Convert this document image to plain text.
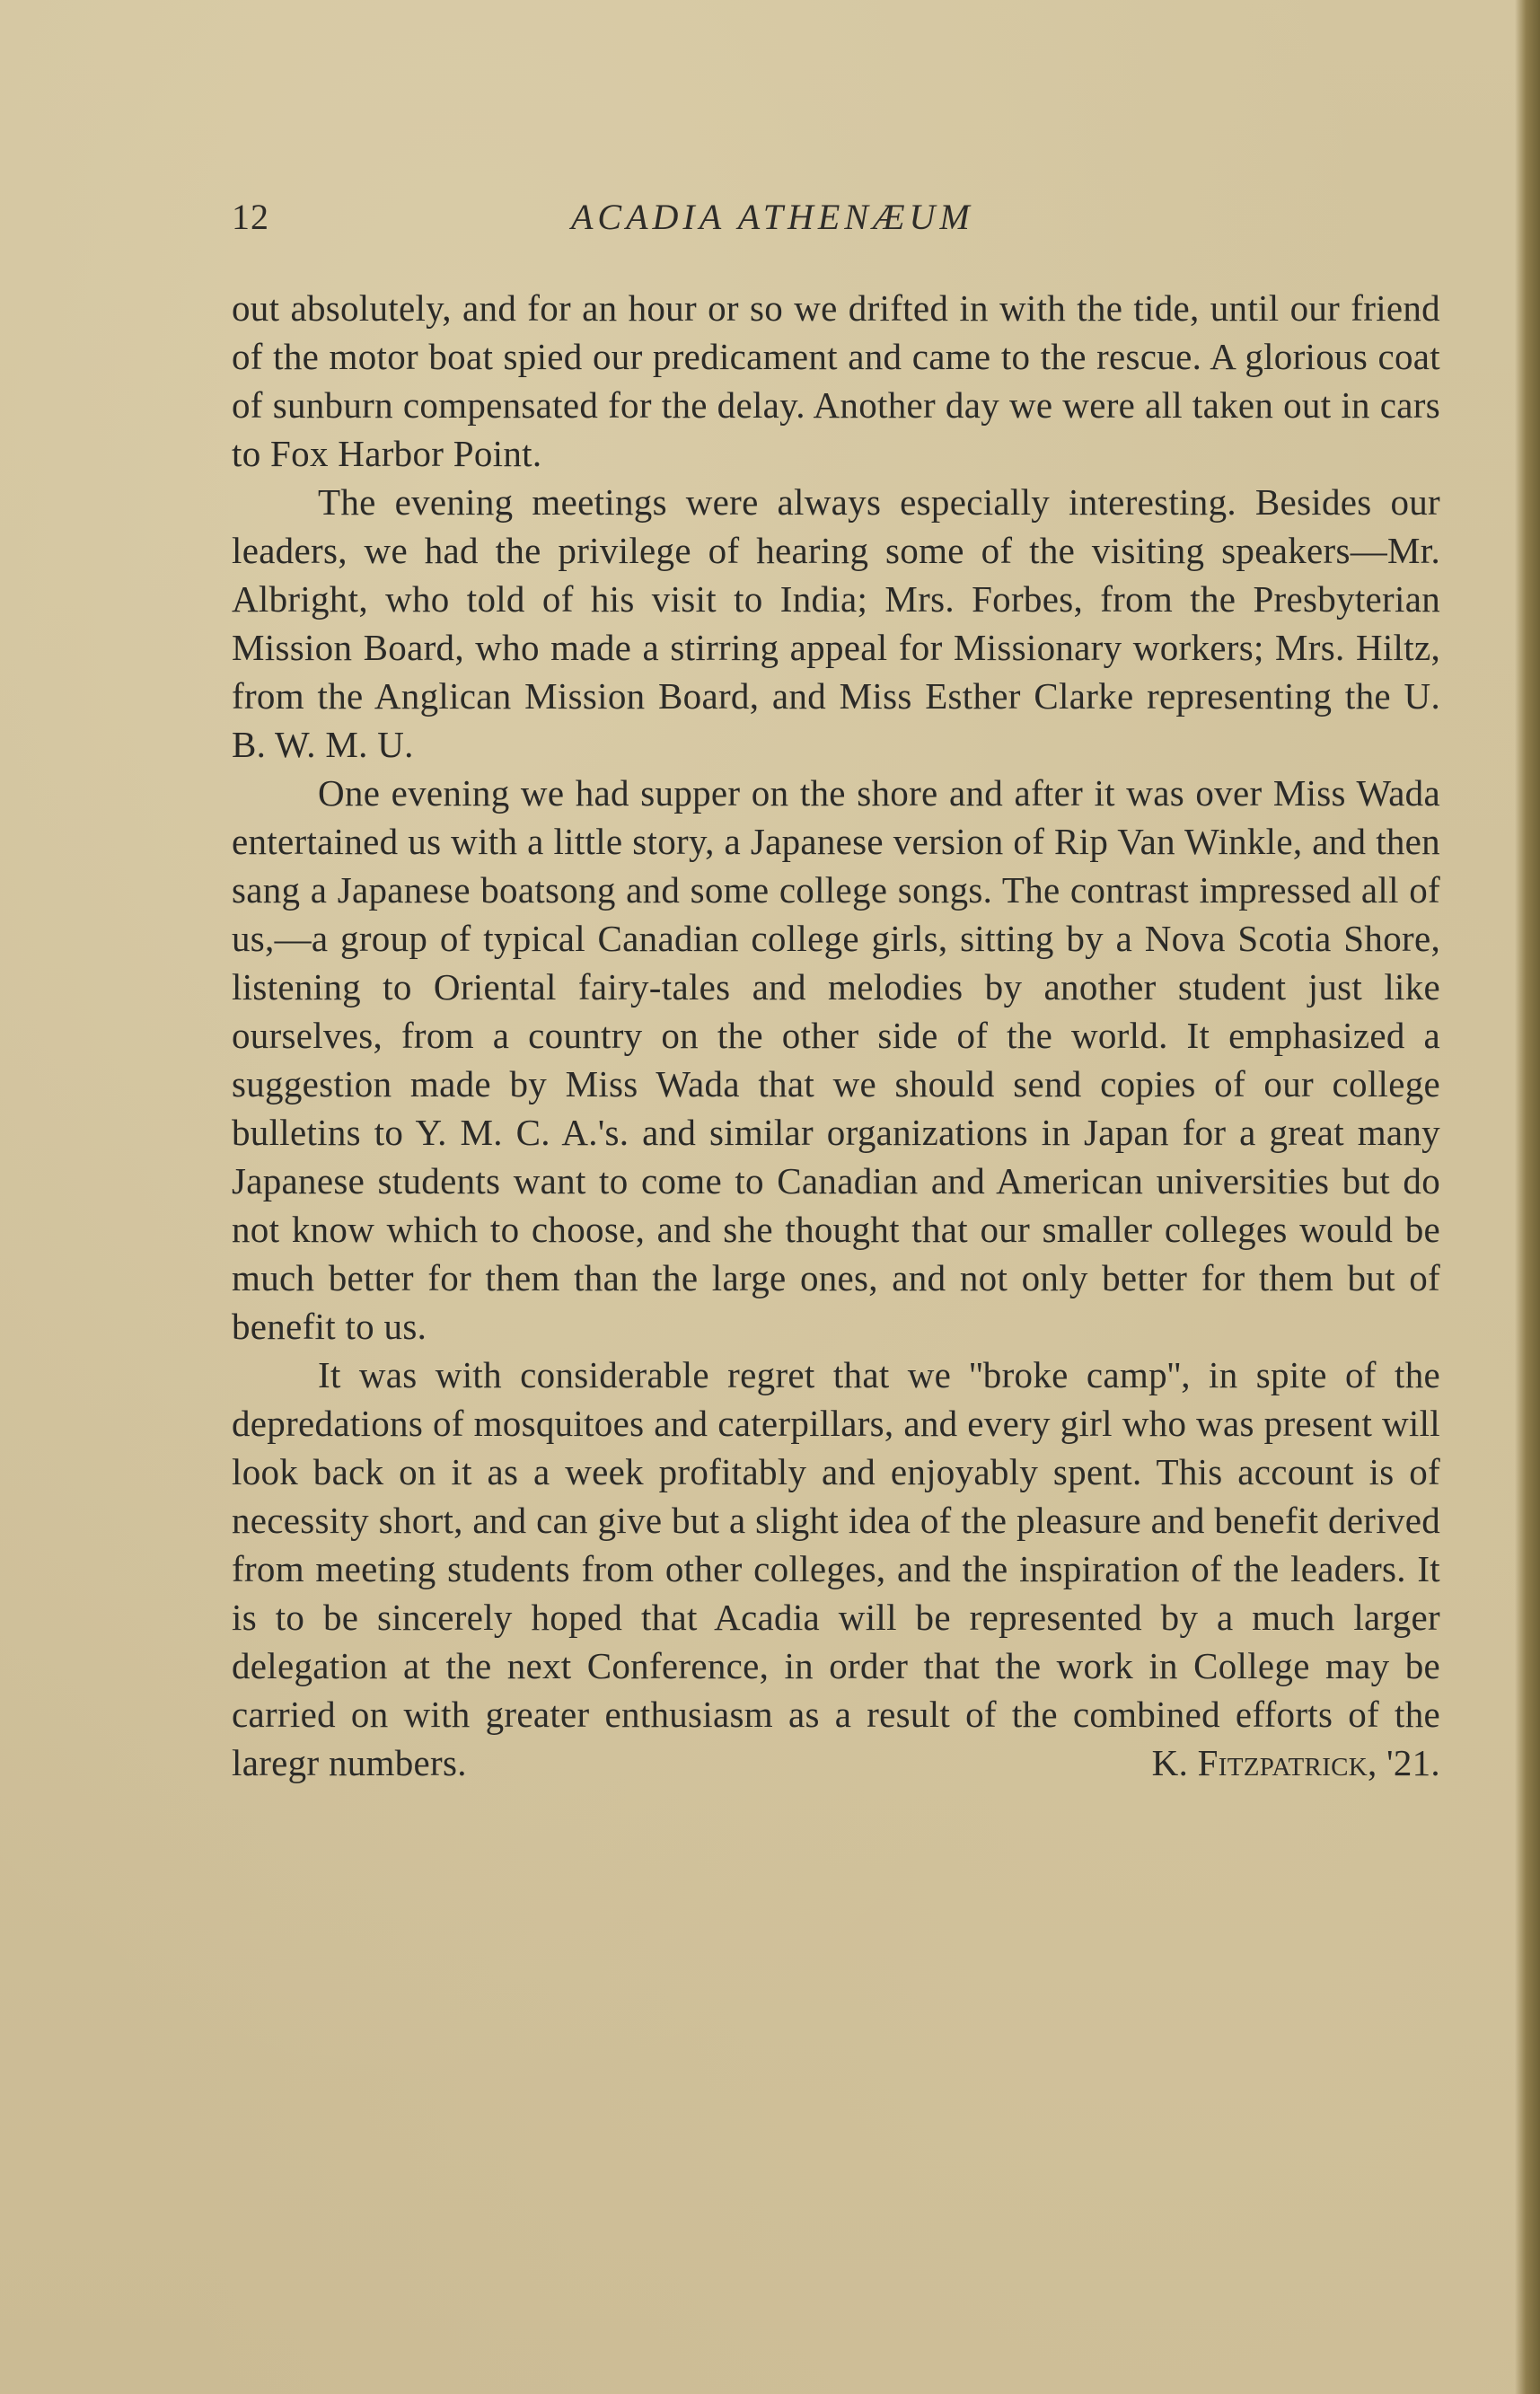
12	ACADIA ATHENÆUM

out absolutely, and for an hour or so we drifted in with the tide, until our friend of the motor boat spied our predicament and came to the rescue. A glorious coat of sunburn compensated for the delay. Another day we were all taken out in cars to Fox Harbor Point.

The evening meetings were always especially interesting. Besides our leaders, we had the privilege of hearing some of the visiting speakers—Mr. Albright, who told of his visit to India; Mrs. Forbes, from the Presbyterian Mission Board, who made a stirring appeal for Missionary workers; Mrs. Hiltz, from the Anglican Mission Board, and Miss Esther Clarke representing the U. B. W. M. U.

One evening we had supper on the shore and after it was over Miss Wada entertained us with a little story, a Japanese version of Rip Van Winkle, and then sang a Japanese boatsong and some college songs. The contrast impressed all of us,—a group of typical Canadian college girls, sitting by a Nova Scotia Shore, listening to Oriental fairy-tales and melodies by another student just like ourselves, from a country on the other side of the world. It emphasized a suggestion made by Miss Wada that we should send copies of our college bulletins to Y. M. C. A.'s. and similar organizations in Japan for a great many Japanese students want to come to Canadian and American universities but do not know which to choose, and she thought that our smaller colleges would be much better for them than the large ones, and not only better for them but of benefit to us.

It was with considerable regret that we ''broke camp'', in spite of the depredations of mosquitoes and caterpillars, and every girl who was present will look back on it as a week profitably and enjoyably spent. This account is of necessity short, and can give but a slight idea of the pleasure and benefit derived from meeting students from other colleges, and the inspiration of the leaders. It is to be sincerely hoped that Acadia will be represented by a much larger delegation at the next Conference, in order that the work in College may be carried on with greater enthusiasm as a result of the combined efforts of the laregr numbers.	K. Fitzpatrick, '21.
